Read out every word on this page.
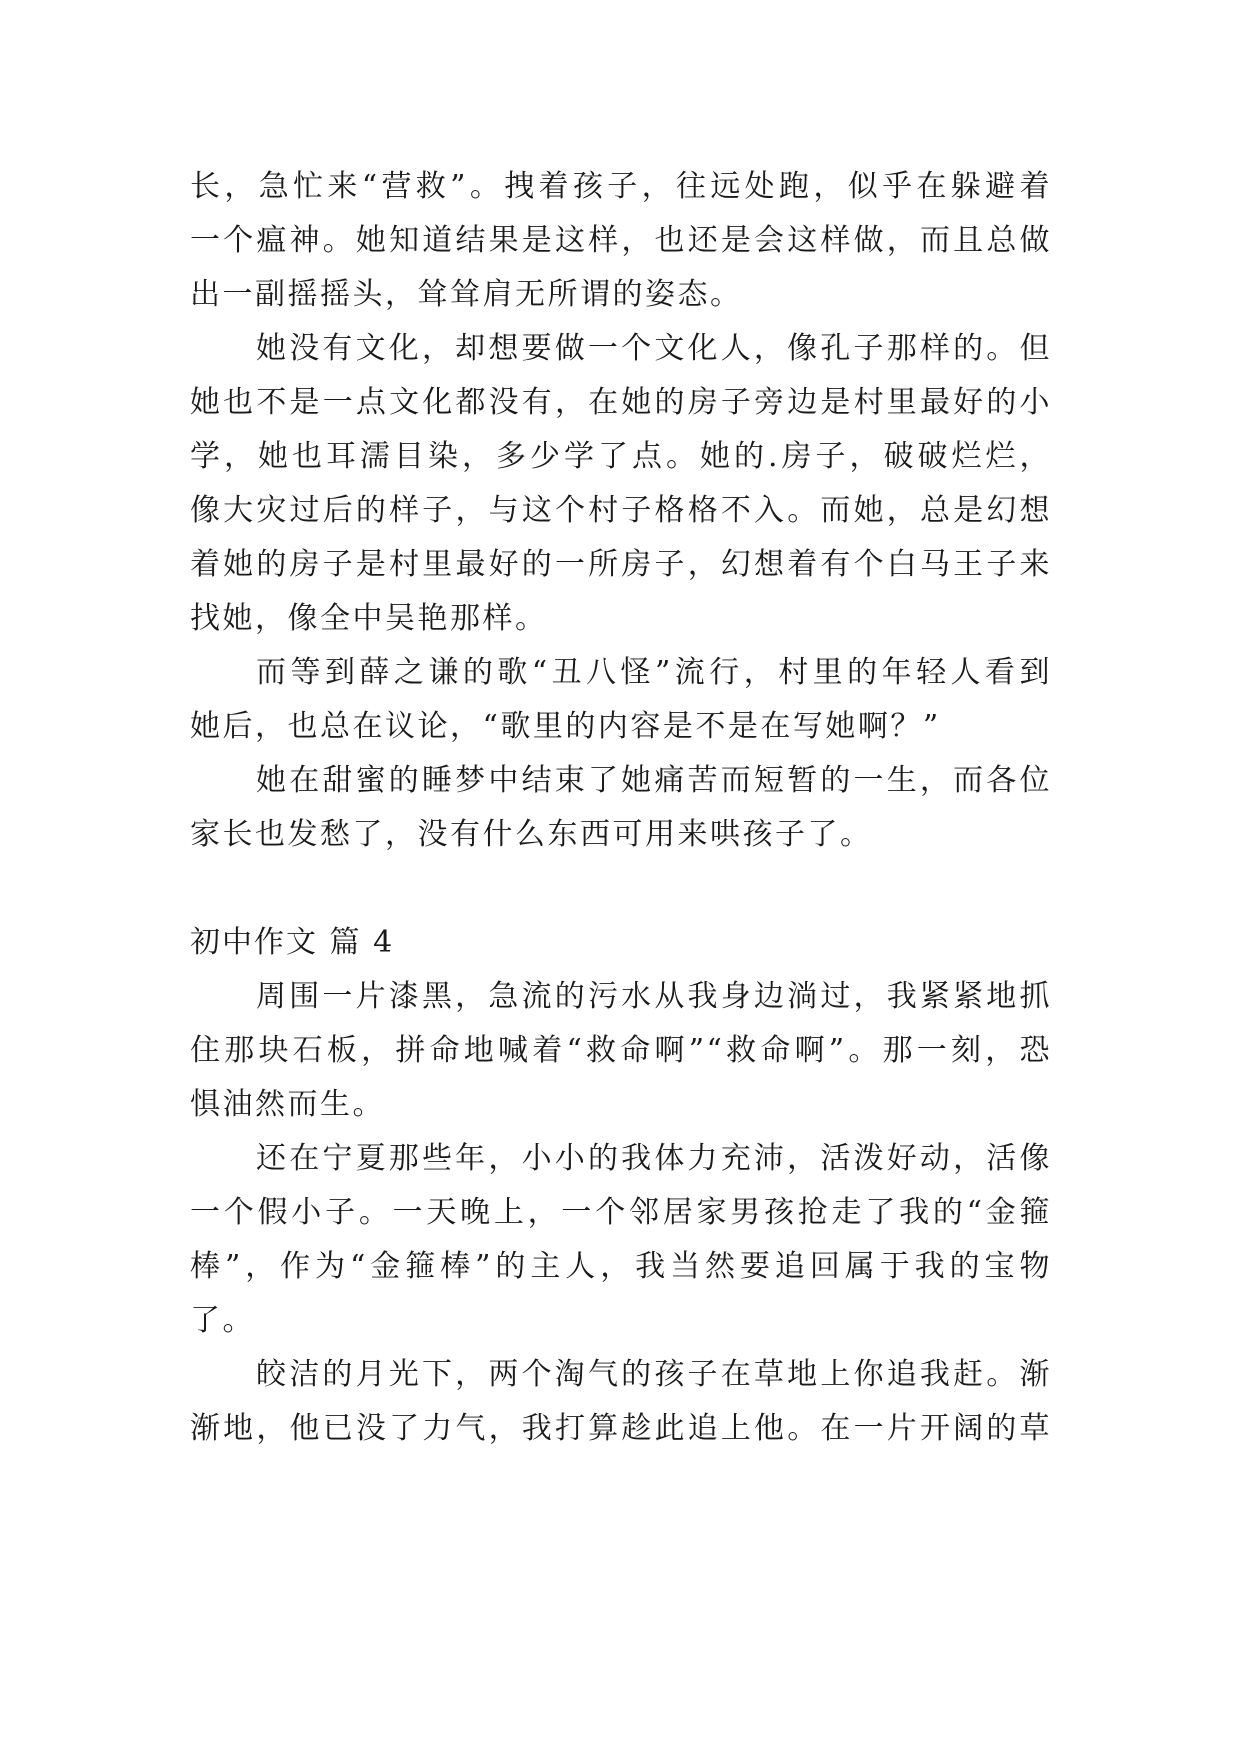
长，急忙来“营救”。拽着孩子，往远处跑，似乎在躲避着
一个瘟神。她知道结果是这样，也还是会这样做，而且总做
出一副摇摇头，耸耸肩无所谓的姿态。
她没有文化，却想要做一个文化人，像孔子那样的。但
她也不是一点文化都没有，在她的房子旁边是村里最好的小
学，她也耳濡目染，多少学了点。她的.房子，破破烂烂，
像大灾过后的样子，与这个村子格格不入。而她，总是幻想
着她的房子是村里最好的一所房子，幻想着有个白马王子来
找她，像全中吴艳那样。
而等到薛之谦的歌“丑八怪”流行，村里的年轻人看到
她后，也总在议论，“歌里的内容是不是在写她啊？”
她在甜蜜的睡梦中结束了她痛苦而短暂的一生，而各位
家长也发愁了，没有什么东西可用来哄孩子了。
初中作文 篇 4
周围一片漆黑，急流的污水从我身边淌过，我紧紧地抓
住那块石板，拼命地喊着“救命啊”“救命啊”。那一刻，恐
惧油然而生。
还在宁夏那些年，小小的我体力充沛，活泼好动，活像
一个假小子。一天晚上，一个邻居家男孩抢走了我的“金箍
棒”，作为“金箍棒”的主人，我当然要追回属于我的宝物
了。
皎洁的月光下，两个淘气的孩子在草地上你追我赶。渐
渐地，他已没了力气，我打算趁此追上他。在一片开阔的草
